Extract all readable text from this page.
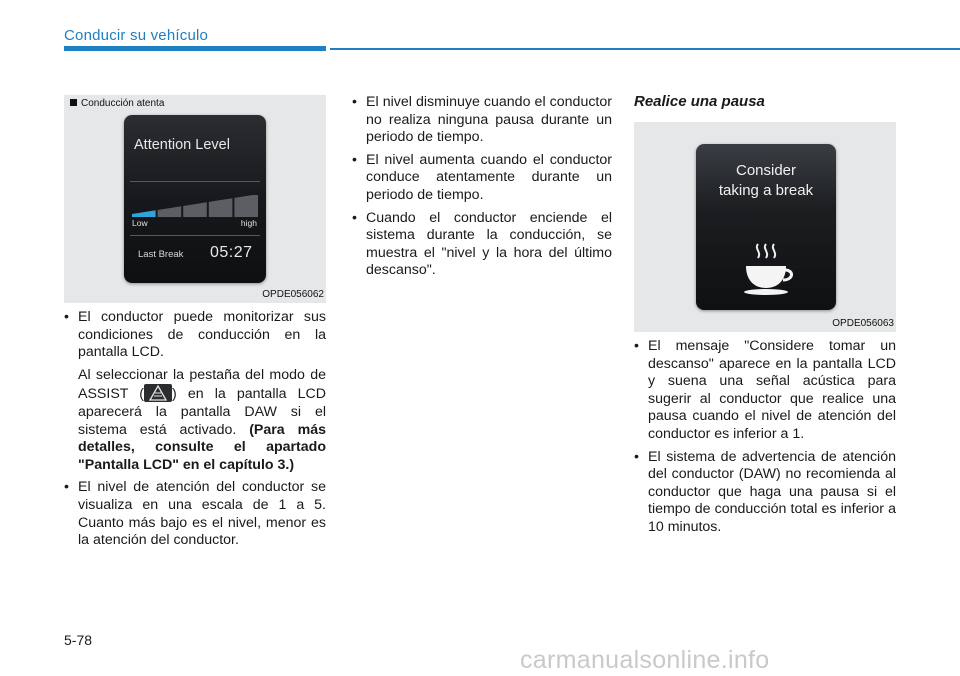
Conducir su vehículo
Conducción atenta
Attention Level
Low	high
Last Break 05:27
OPDE056062
• El conductor puede monitorizar sus condiciones de conducción en la pantalla LCD.
Al seleccionar la pestaña del modo de ASSIST ( ) en la pantalla LCD aparecerá la pantalla DAW si el sistema está activado. (Para más detalles, consulte el apartado "Pantalla LCD" en el capítulo 3.)
• El nivel de atención del conductor se visualiza en una escala de 1 a 5. Cuanto más bajo es el nivel, menor es la atención del conductor.
• El nivel disminuye cuando el conductor no realiza ninguna pausa durante un periodo de tiempo.
• El nivel aumenta cuando el conductor conduce atentamente durante un periodo de tiempo.
• Cuando el conductor enciende el sistema durante la conducción, se muestra el "nivel y la hora del último descanso".
Realice una pausa
Consider
taking a break
OPDE056063
• El mensaje "Considere tomar un descanso" aparece en la pantalla LCD y suena una señal acústica para sugerir al conductor que realice una pausa cuando el nivel de atención del conductor es inferior a 1.
• El sistema de advertencia de atención del conductor (DAW) no recomienda al conductor que haga una pausa si el tiempo de conducción total es inferior a 10 minutos.
5-78
carmanualsonline.info
